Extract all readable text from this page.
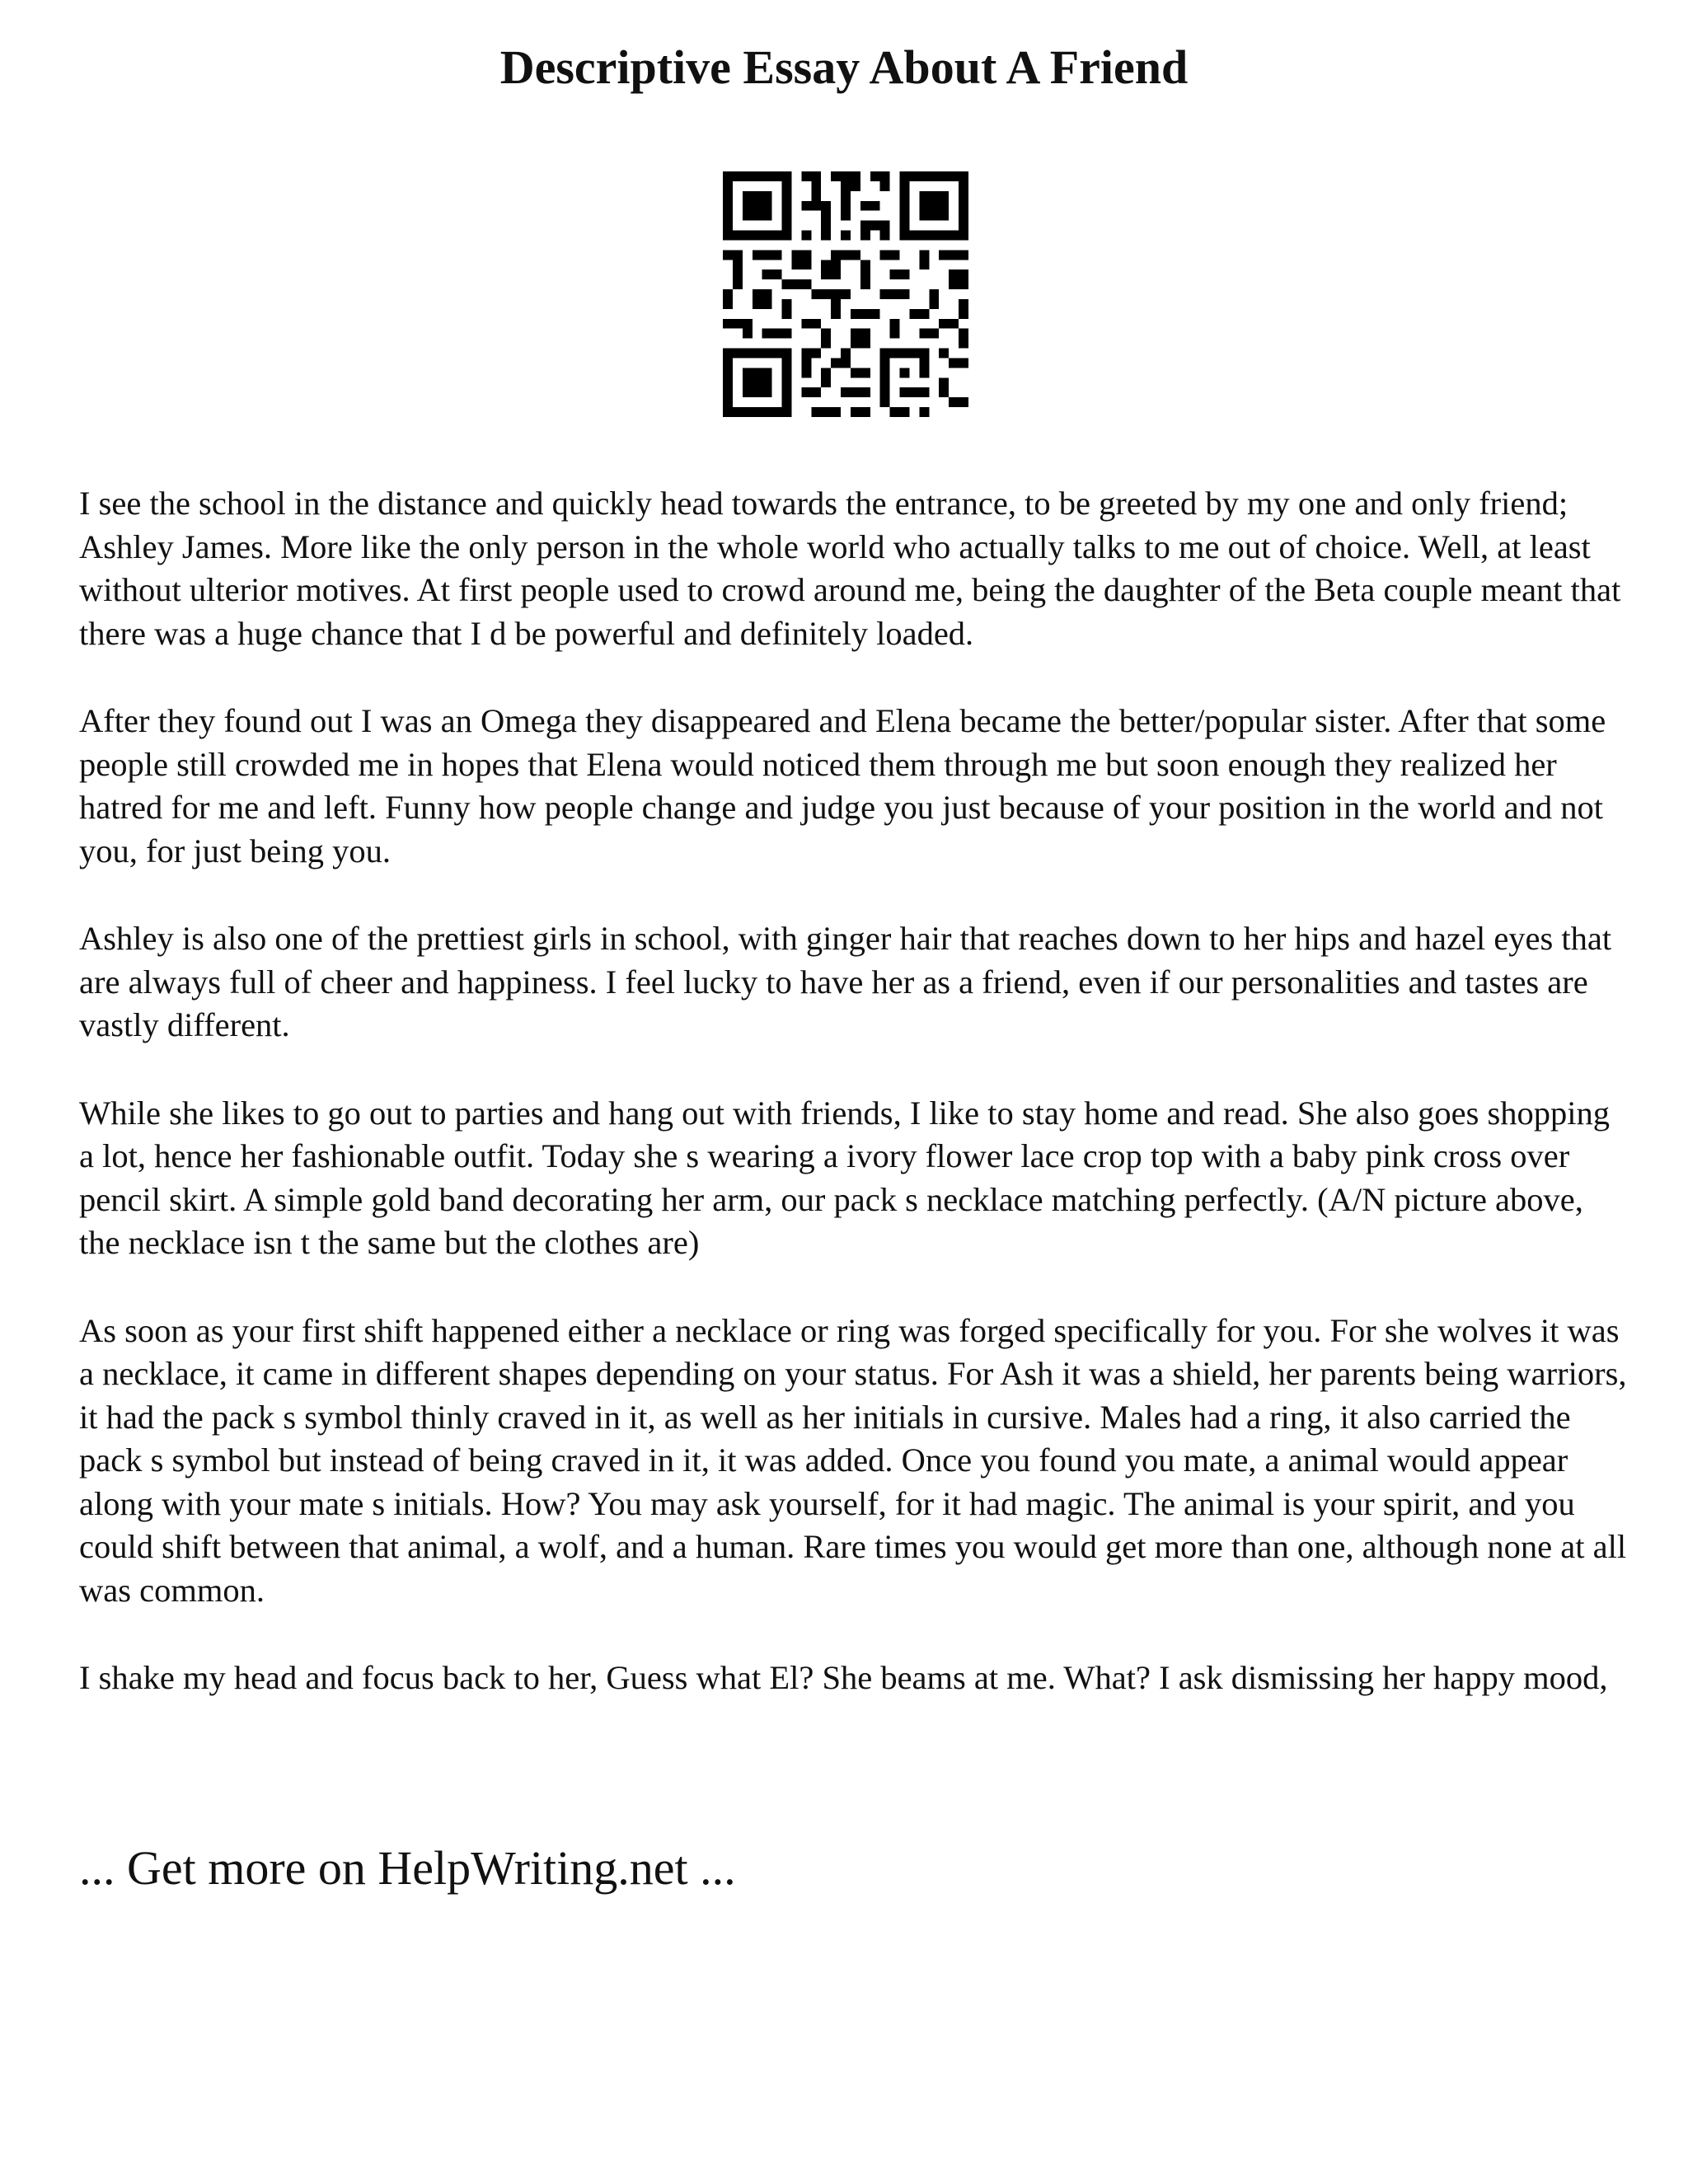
Descriptive Essay About A Friend

I see the school in the distance and quickly head towards the entrance, to be greeted by my one and only friend; Ashley James. More like the only person in the whole world who actually talks to me out of choice. Well, at least without ulterior motives. At first people used to crowd around me, being the daughter of the Beta couple meant that there was a huge chance that I d be powerful and definitely loaded.

After they found out I was an Omega they disappeared and Elena became the better/popular sister. After that some people still crowded me in hopes that Elena would noticed them through me but soon enough they realized her hatred for me and left. Funny how people change and judge you just because of your position in the world and not you, for just being you.

Ashley is also one of the prettiest girls in school, with ginger hair that reaches down to her hips and hazel eyes that are always full of cheer and happiness. I feel lucky to have her as a friend, even if our personalities and tastes are vastly different.

While she likes to go out to parties and hang out with friends, I like to stay home and read. She also goes shopping a lot, hence her fashionable outfit. Today she s wearing a ivory flower lace crop top with a baby pink cross over pencil skirt. A simple gold band decorating her arm, our pack s necklace matching perfectly. (A/N picture above, the necklace isn t the same but the clothes are)

As soon as your first shift happened either a necklace or ring was forged specifically for you. For she wolves it was a necklace, it came in different shapes depending on your status. For Ash it was a shield, her parents being warriors, it had the pack s symbol thinly craved in it, as well as her initials in cursive. Males had a ring, it also carried the pack s symbol but instead of being craved in it, it was added. Once you found you mate, a animal would appear along with your mate s initials. How? You may ask yourself, for it had magic. The animal is your spirit, and you could shift between that animal, a wolf, and a human. Rare times you would get more than one, although none at all was common.

I shake my head and focus back to her, Guess what El? She beams at me. What? I ask dismissing her happy mood,

... Get more on HelpWriting.net ...
